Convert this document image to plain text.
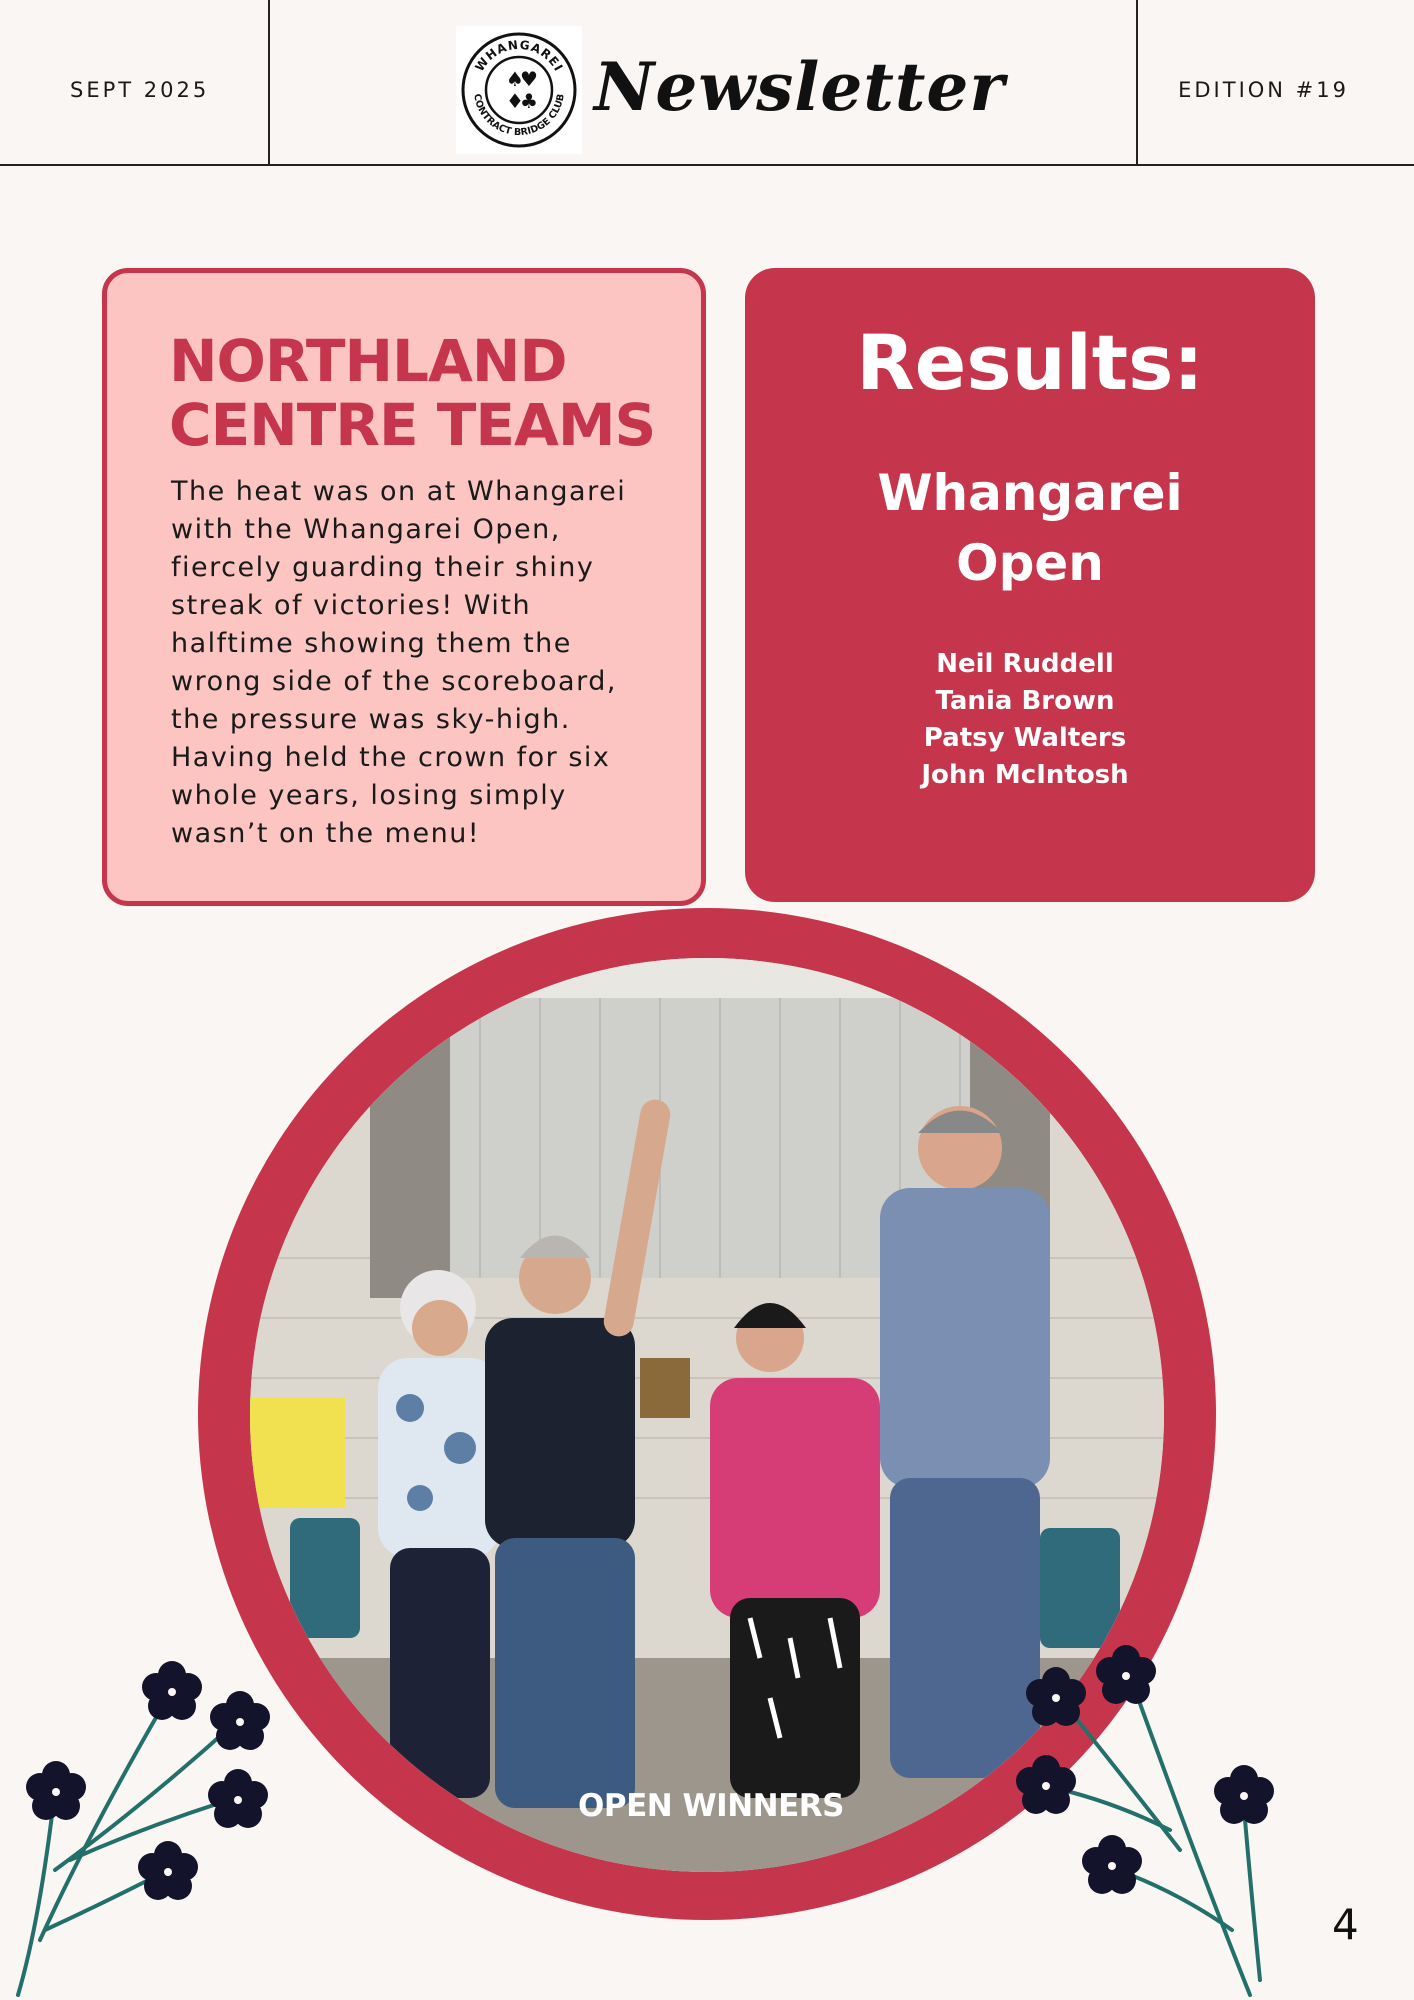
SEPT 2025
WHANGAREI
CONTRACT BRIDGE CLUB
♠
♥
♦
♣ Newsletter	EDITION #19
NORTHLAND
CENTRE TEAMS
The heat was on at Whangarei
with the Whangarei Open,
fiercely guarding their shiny
streak of victories! With
halftime showing them the
wrong side of the scoreboard,
the pressure was sky-high.
Having held the crown for six
whole years, losing simply
wasn’t on the menu!
Results:
Whangarei
Open
Neil Ruddell
Tania Brown
Patsy Walters
John McIntosh
OPEN WINNERS
4
